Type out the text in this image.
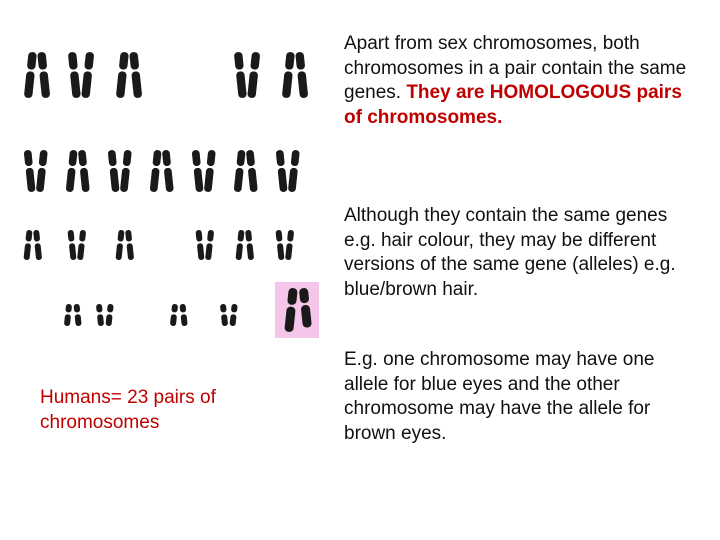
Apart from sex chromosomes, both chromosomes in a pair contain the same genes. They are HOMOLOGOUS pairs of chromosomes.
Although they contain the same genes e.g. hair colour, they may be different versions of the same gene (alleles) e.g. blue/brown hair.
E.g. one chromosome may have one allele for blue eyes and the other chromosome may have the allele for brown eyes.
Humans= 23 pairs of chromosomes
